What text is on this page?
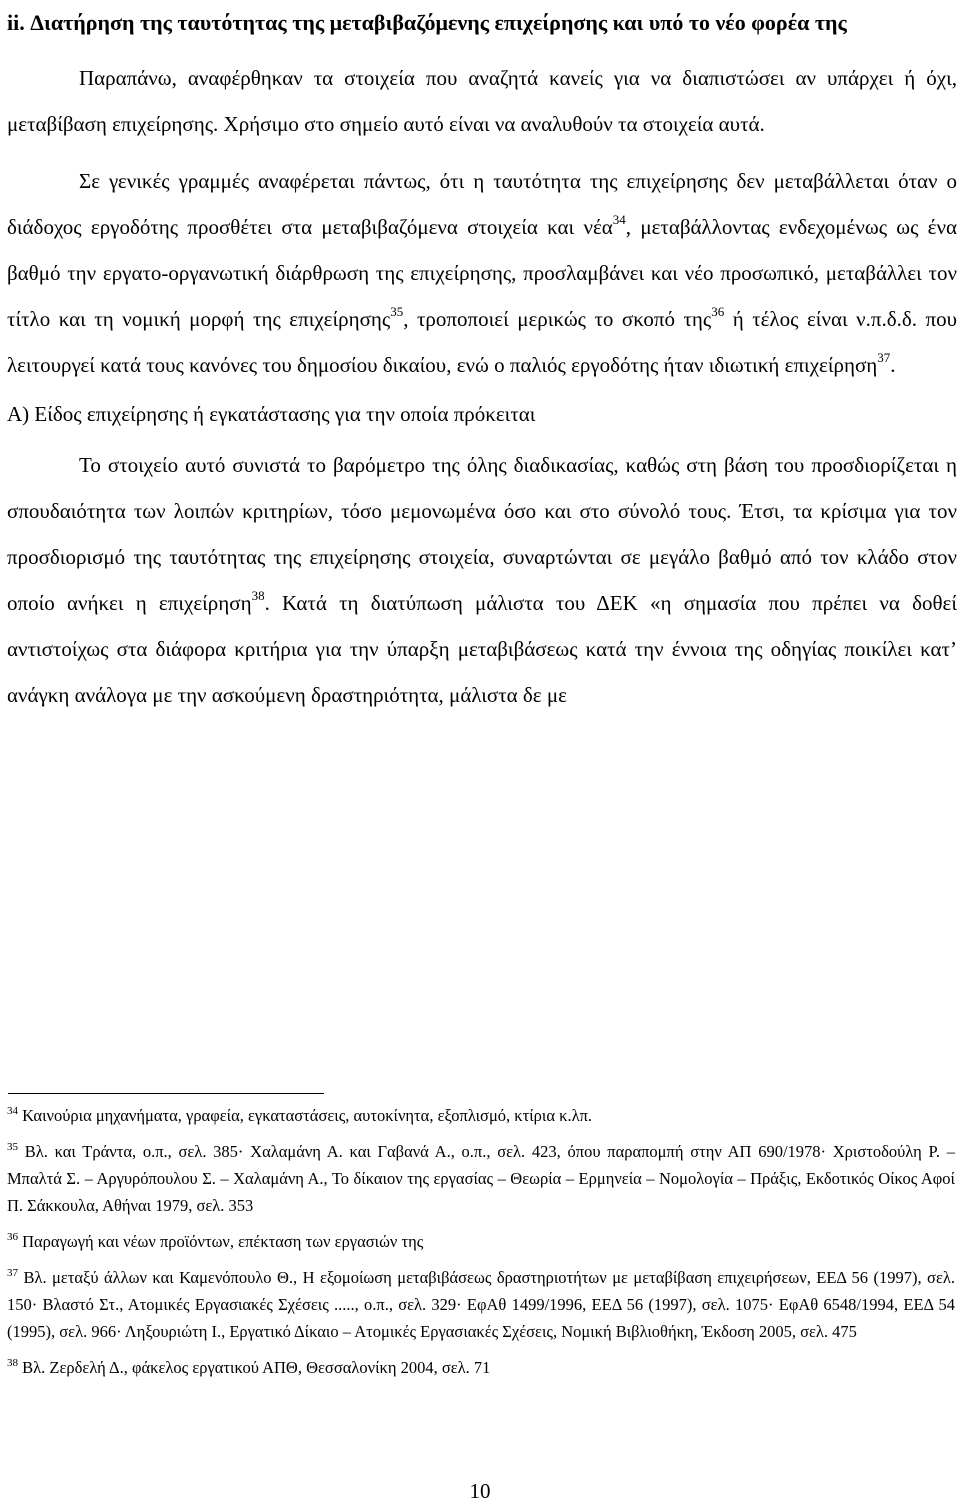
ii. Διατήρηση της ταυτότητας της μεταβιβαζόμενης επιχείρησης και υπό το νέο φορέα της

Παραπάνω, αναφέρθηκαν τα στοιχεία που αναζητά κανείς για να διαπιστώσει αν υπάρχει ή όχι, μεταβίβαση επιχείρησης. Χρήσιμο στο σημείο αυτό είναι να αναλυθούν τα στοιχεία αυτά.

Σε γενικές γραμμές αναφέρεται πάντως, ότι η ταυτότητα της επιχείρησης δεν μεταβάλλεται όταν ο διάδοχος εργοδότης προσθέτει στα μεταβιβαζόμενα στοιχεία και νέα$^{34}$, μεταβάλλοντας ενδεχομένως ως ένα βαθμό την εργατο-οργανωτική διάρθρωση της επιχείρησης, προσλαμβάνει και νέο προσωπικό, μεταβάλλει τον τίτλο και τη νομική μορφή της επιχείρησης$^{35}$, τροποποιεί μερικώς το σκοπό της$^{36}$ ή τέλος είναι ν.π.δ.δ. που λειτουργεί κατά τους κανόνες του δημοσίου δικαίου, ενώ ο παλιός εργοδότης ήταν ιδιωτική επιχείρηση$^{37}$.

Α) Είδος επιχείρησης ή εγκατάστασης για την οποία πρόκειται

Το στοιχείο αυτό συνιστά το βαρόμετρο της όλης διαδικασίας, καθώς στη βάση του προσδιορίζεται η σπουδαιότητα των λοιπών κριτηρίων, τόσο μεμονωμένα όσο και στο σύνολό τους. Έτσι, τα κρίσιμα για τον προσδιορισμό της ταυτότητας της επιχείρησης στοιχεία, συναρτώνται σε μεγάλο βαθμό από τον κλάδο στον οποίο ανήκει η επιχείρηση$^{38}$. Κατά τη διατύπωση μάλιστα του ΔΕΚ «η σημασία που πρέπει να δοθεί αντιστοίχως στα διάφορα κριτήρια για την ύπαρξη μεταβιβάσεως κατά την έννοια της οδηγίας ποικίλει κατ’ ανάγκη ανάλογα με την ασκούμενη δραστηριότητα, μάλιστα δε με

$^{34}$ Καινούρια μηχανήματα, γραφεία, εγκαταστάσεις, αυτοκίνητα, εξοπλισμό, κτίρια κ.λπ.

$^{35}$ Βλ. και Τράντα, ο.π., σελ. 385· Χαλαμάνη Α. και Γαβανά Α., ο.π., σελ. 423, όπου παραπομπή στην ΑΠ 690/1978· Χριστοδούλη Ρ. – Μπαλτά Σ. – Αργυρόπουλου Σ. – Χαλαμάνη Α., Το δίκαιον της εργασίας – Θεωρία – Ερμηνεία – Νομολογία – Πράξις, Εκδοτικός Οίκος Αφοί Π. Σάκκουλα, Αθήναι 1979, σελ. 353

$^{36}$ Παραγωγή και νέων προϊόντων, επέκταση των εργασιών της

$^{37}$ Βλ. μεταξύ άλλων και Καμενόπουλο Θ., Η εξομοίωση μεταβιβάσεως δραστηριοτήτων με μεταβίβαση επιχειρήσεων, ΕΕΔ 56 (1997), σελ. 150· Βλαστό Στ., Ατομικές Εργασιακές Σχέσεις ....., ο.π., σελ. 329· ΕφΑθ 1499/1996, ΕΕΔ 56 (1997), σελ. 1075· ΕφΑθ 6548/1994, ΕΕΔ 54 (1995), σελ. 966· Ληξουριώτη Ι., Εργατικό Δίκαιο – Ατομικές Εργασιακές Σχέσεις, Νομική Βιβλιοθήκη, Έκδοση 2005, σελ. 475

$^{38}$ Βλ. Ζερδελή Δ., φάκελος εργατικού ΑΠΘ, Θεσσαλονίκη 2004, σελ. 71

10
